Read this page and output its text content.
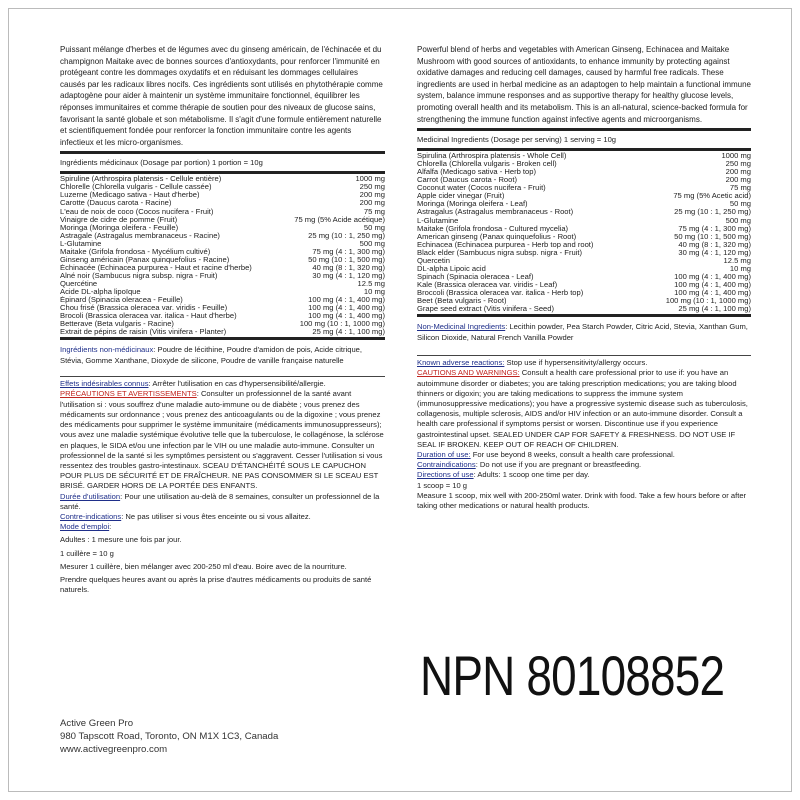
Puissant mélange d'herbes et de légumes avec du ginseng américain, de l'échinacée et du champignon Maitake avec de bonnes sources d'antioxydants, pour renforcer l'immunité en protégeant contre les dommages oxydatifs et en réduisant les dommages cellulaires causés par les radicaux libres nocifs. Ces ingrédients sont utilisés en phytothérapie comme adaptogène pour aider à maintenir un système immunitaire fonctionnel, équilibrer les réponses immunitaires et comme thérapie de soutien pour des niveaux de glucose sains, favorisant la santé globale et son métabolisme. Il s'agit d'une formule entièrement naturelle et scientifiquement fondée pour renforcer la fonction immunitaire contre les agents infectieux et les micro-organismes.

Ingrédients médicinaux (Dosage par portion) 1 portion = 10g
Spiruline (Arthrospira platensis - Cellule entière)	1000 mg
Chlorelle (Chlorella vulgaris - Cellule cassée)	250 mg
Luzerne (Medicago sativa - Haut d'herbe)	200 mg
Carotte (Daucus carota - Racine)	200 mg
L'eau de noix de coco (Cocos nucifera - Fruit)	75 mg
Vinaigre de cidre de pomme (Fruit)	75 mg (5% Acide acétique)
Moringa (Moringa oleifera - Feuille)	50 mg
Astragale (Astragalus membranaceus - Racine)	25 mg (10 : 1, 250 mg)
L-Glutamine	500 mg
Maitake (Grifola frondosa - Mycélium cultivé)	75 mg (4 : 1, 300 mg)
Ginseng américain (Panax quinquefolius - Racine)	50 mg (10 : 1, 500 mg)
Échinacée (Echinacea purpurea - Haut et racine d'herbe)	40 mg (8 : 1, 320 mg)
Alné noir (Sambucus nigra subsp. nigra - Fruit)	30 mg (4 : 1, 120 mg)
Quercétine	12.5 mg
Acide DL-alpha lipoïque	10 mg
Épinard (Spinacia oleracea - Feuille)	100 mg (4 : 1, 400 mg)
Chou frisé (Brassica oleracea var. viridis - Feuille)	100 mg (4 : 1, 400 mg)
Brocoli (Brassica oleracea var. italica - Haut d'herbe)	100 mg (4 : 1, 400 mg)
Betterave (Beta vulgaris - Racine)	100 mg (10 : 1, 1000 mg)
Extrait de pépins de raisin (Vitis vinifera - Planter)	25 mg (4 : 1, 100 mg)
Ingrédients non-médicinaux: Poudre de lécithine, Poudre d'amidon de pois, Acide citrique, Stévia, Gomme Xanthane, Dioxyde de silicone, Poudre de vanille française naturelle

Effets indésirables connus: Arrêter l'utilisation en cas d'hypersensibilité/allergie.

PRÉCAUTIONS ET AVERTISSEMENTS: Consulter un professionnel de la santé avant l'utilisation si : vous souffrez d'une maladie auto-immune ou de diabète ; vous prenez des médicaments sur ordonnance ; vous prenez des anticoagulants ou de la digoxine ; vous prenez des médicaments pour supprimer le système immunitaire (médicaments immunosuppresseurs); vous avez une maladie systémique évolutive telle que la tuberculose, le collagénose, la sclérose en plaques, le SIDA et/ou une infection par le VIH ou une maladie auto-immune. Consulter un professionnel de la santé si les symptômes persistent ou s'aggravent. Cesser l'utilisation si vous ressentez des troubles gastro-intestinaux. SCEAU D'ÉTANCHÉITÉ SOUS LE CAPUCHON POUR PLUS DE SÉCURITÉ ET DE FRAÎCHEUR. NE PAS CONSOMMER SI LE SCEAU EST BRISÉ. GARDER HORS DE LA PORTÉE DES ENFANTS.

Durée d'utilisation: Pour une utilisation au-delà de 8 semaines, consulter un professionnel de la santé.

Contre-indications: Ne pas utiliser si vous êtes enceinte ou si vous allaitez.

Mode d'emploi:

Adultes : 1 mesure une fois par jour.

1 cuillère = 10 g

Mesurer 1 cuillère, bien mélanger avec 200-250 ml d'eau. Boire avec de la nourriture.

Prendre quelques heures avant ou après la prise d'autres médicaments ou produits de santé naturels.

Powerful blend of herbs and vegetables with American Ginseng, Echinacea and Maitake Mushroom with good sources of antioxidants, to enhance immunity by protecting against oxidative damages and reducing cell damages, caused by harmful free radicals. These ingredients are used in herbal medicine as an adaptogen to help maintain a functional immune system, balance immune responses and as supportive therapy for healthy glucose levels, promoting overall health and its metabolism. This is an all-natural, science-backed formula for strengthening the immune function against infective agents and microorganisms.

Medicinal Ingredients (Dosage per serving) 1 serving = 10g
Spirulina (Arthrospira platensis - Whole Cell)	1000 mg
Chlorella (Chlorella vulgaris - Broken cell)	250 mg
Alfalfa (Medicago sativa - Herb top)	200 mg
Carrot (Daucus carota - Root)	200 mg
Coconut water (Cocos nucifera - Fruit)	75 mg
Apple cider vinegar (Fruit)	75 mg (5% Acetic acid)
Moringa (Moringa oleifera - Leaf)	50 mg
Astragalus (Astragalus membranaceus - Root)	25 mg (10 : 1, 250 mg)
L-Glutamine	500 mg
Maitake (Grifola frondosa - Cultured mycelia)	75 mg (4 : 1, 300 mg)
American ginseng (Panax quinquefolius - Root)	50 mg (10 : 1, 500 mg)
Echinacea (Echinacea purpurea - Herb top and root)	40 mg (8 : 1, 320 mg)
Black elder (Sambucus nigra subsp. nigra - Fruit)	30 mg (4 : 1, 120 mg)
Quercetin	12.5 mg
DL-alpha Lipoic acid	10 mg
Spinach (Spinacia oleracea - Leaf)	100 mg (4 : 1, 400 mg)
Kale (Brassica oleracea var. viridis - Leaf)	100 mg (4 : 1, 400 mg)
Broccoli (Brassica oleracea var. italica - Herb top)	100 mg (4 : 1, 400 mg)
Beet (Beta vulgaris - Root)	100 mg (10 : 1, 1000 mg)
Grape seed extract (Vitis vinifera - Seed)	25 mg (4 : 1, 100 mg)
Non-Medicinal Ingredients: Lecithin powder, Pea Starch Powder, Citric Acid, Stevia, Xanthan Gum, Silicon Dioxide, Natural French Vanilla Powder

Known adverse reactions: Stop use if hypersensitivity/allergy occurs.

CAUTIONS AND WARNINGS: Consult a health care professional prior to use if: you have an autoimmune disorder or diabetes; you are taking prescription medications; you are taking blood thinners or digoxin; you are taking medications to suppress the immune system (immunosuppressive medications); you have a progressive systemic disease such as tuberculosis, collagenosis, multiple sclerosis, AIDS and/or HIV infection or an auto-immune disorder. Consult a health care professional if symptoms persist or worsen. Discontinue use if you experience gastrointestinal upset. SEALED UNDER CAP FOR SAFETY & FRESHNESS. DO NOT USE IF SEAL IF BROKEN. KEEP OUT OF REACH OF CHILDREN.

Duration of use: For use beyond 8 weeks, consult a health care professional.

Contraindications: Do not use if you are pregnant or breastfeeding.

Directions of use: Adults: 1 scoop one time per day.

1 scoop = 10 g

Measure 1 scoop, mix well with 200-250ml water. Drink with food. Take a few hours before or after taking other medications or natural health products.

Active Green Pro
980 Tapscott Road, Toronto, ON M1X 1C3, Canada
www.activegreenpro.com
NPN 80108852
